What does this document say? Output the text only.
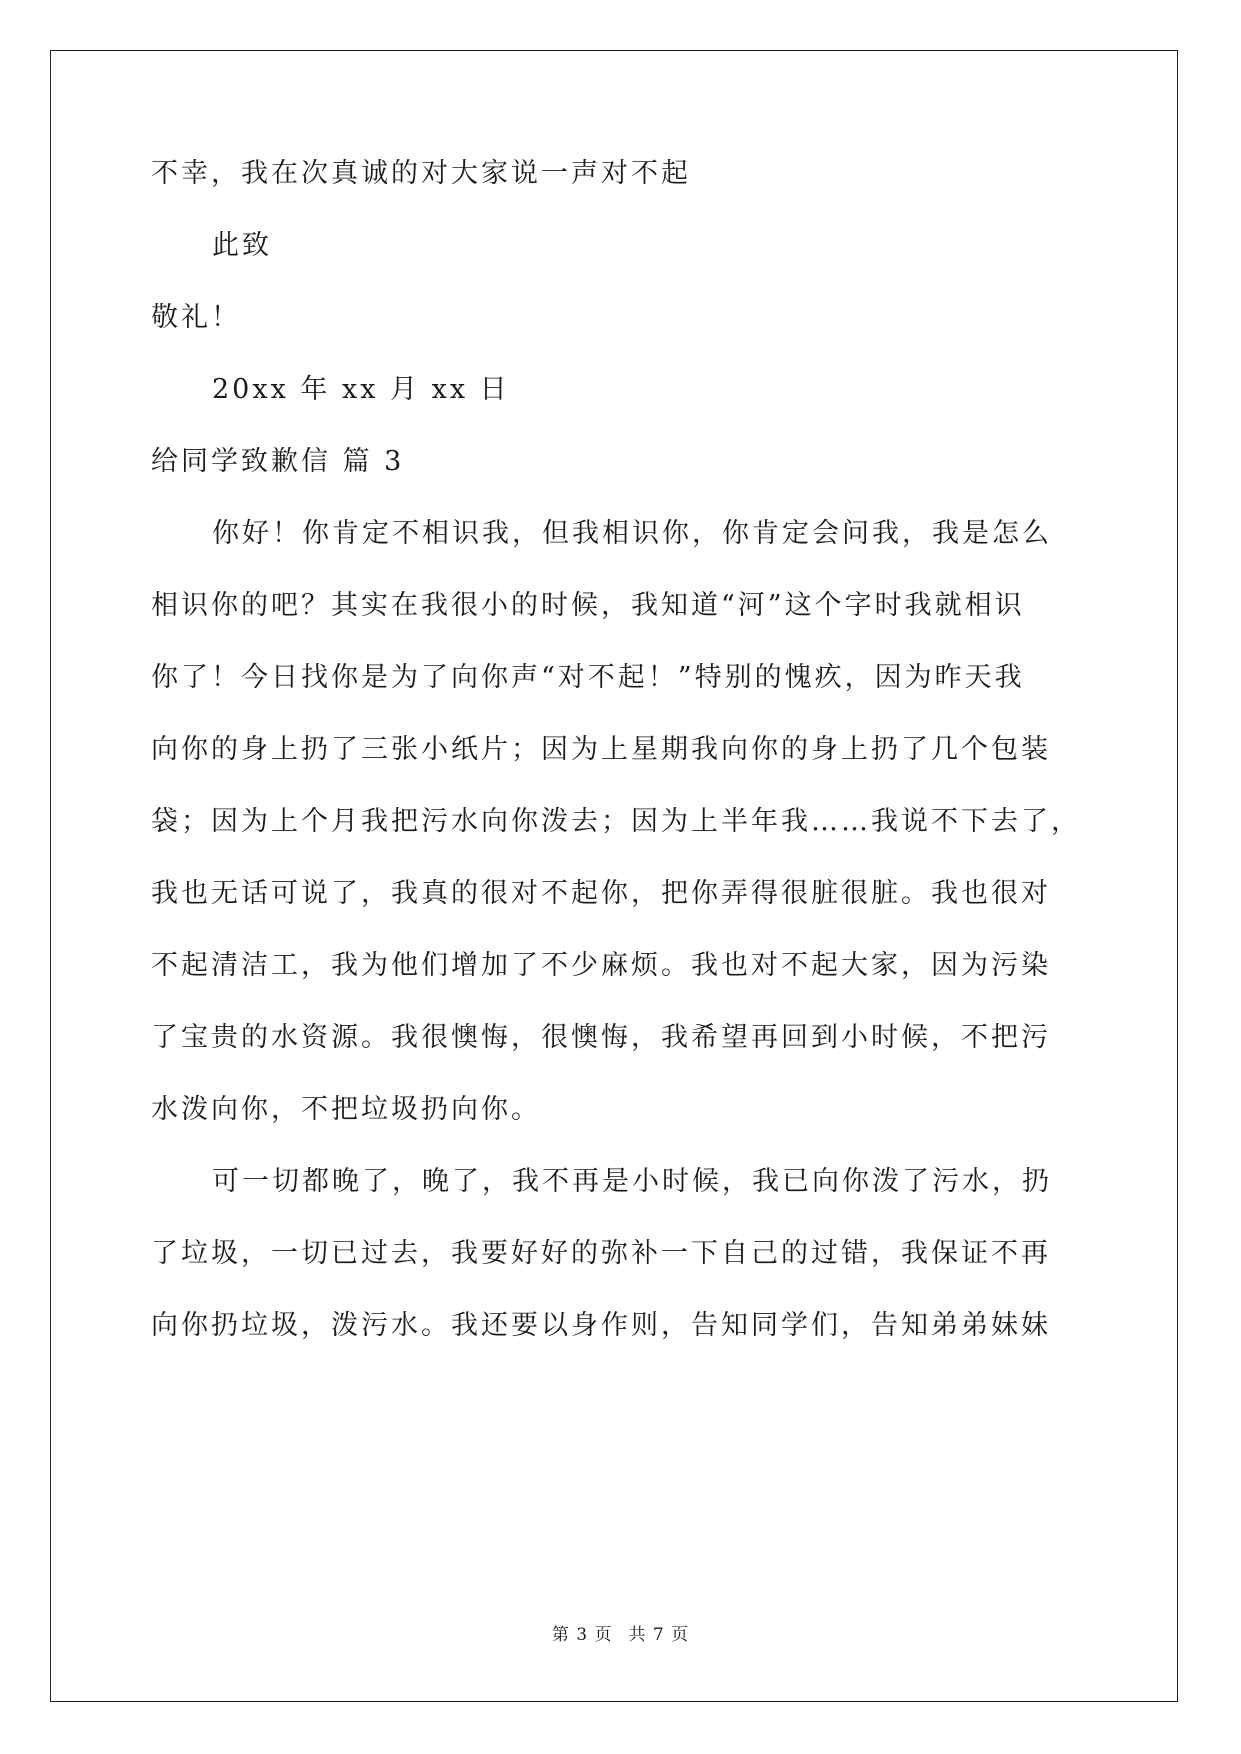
不幸，我在次真诚的对大家说一声对不起
此致
敬礼！
20xx 年 xx 月 xx 日
给同学致歉信 篇 3
你好！你肯定不相识我，但我相识你，你肯定会问我，我是怎么
相识你的吧？其实在我很小的时候，我知道“河”这个字时我就相识
你了！今日找你是为了向你声“对不起！”特别的愧疚，因为昨天我
向你的身上扔了三张小纸片；因为上星期我向你的身上扔了几个包装
袋；因为上个月我把污水向你泼去；因为上半年我……我说不下去了，
我也无话可说了，我真的很对不起你，把你弄得很脏很脏。我也很对
不起清洁工，我为他们增加了不少麻烦。我也对不起大家，因为污染
了宝贵的水资源。我很懊悔，很懊悔，我希望再回到小时候，不把污
水泼向你，不把垃圾扔向你。
可一切都晚了，晚了，我不再是小时候，我已向你泼了污水，扔
了垃圾，一切已过去，我要好好的弥补一下自己的过错，我保证不再
向你扔垃圾，泼污水。我还要以身作则，告知同学们，告知弟弟妹妹
第 3 页 共 7 页
